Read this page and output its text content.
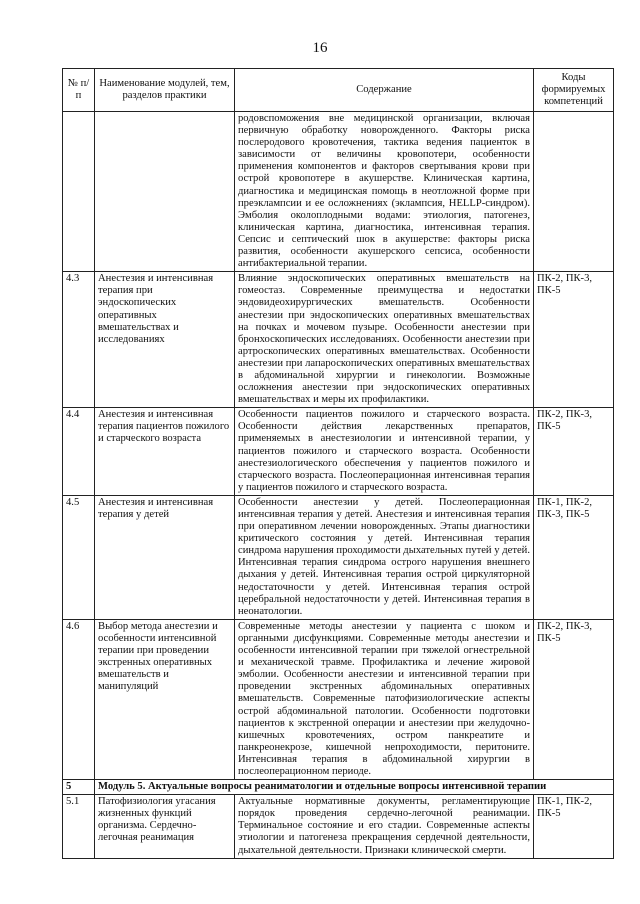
16
№ п/п	Наименование модулей, тем, разделов практики	Содержание	Коды формируемых компетенций
		родовспоможения вне медицинской организации, включая первичную обработку новорожденного. Факторы риска послеродового кровотечения, тактика ведения пациенток в зависимости от величины кровопотери, особенности применения компонентов и факторов свертывания крови при острой кровопотере в акушерстве. Клиническая картина, диагностика и медицинская помощь в неотложной форме при преэклампсии и ее осложнениях (эклампсия, HELLP-синдром). Эмболия околоплодными водами: этиология, патогенез, клиническая картина, диагностика, интенсивная терапия. Сепсис и септический шок в акушерстве: факторы риска развития, особенности акушерского сепсиса, особенности антибактериальной терапии.	
4.3	Анестезия и интенсивная терапия при эндоскопических оперативных вмешательствах и исследованиях	Влияние эндоскопических оперативных вмешательств на гомеостаз. Современные преимущества и недостатки эндовидеохирургических вмешательств. Особенности анестезии при эндоскопических оперативных вмешательствах на почках и мочевом пузыре. Особенности анестезии при бронхоскопических исследованиях. Особенности анестезии при артроскопических оперативных вмешательствах. Особенности анестезии при лапароскопических оперативных вмешательствах в абдоминальной хирургии и гинекологии. Возможные осложнения анестезии при эндоскопических оперативных вмешательствах и меры их профилактики.	ПК-2, ПК-3, ПК-5
4.4	Анестезия и интенсивная терапия пациентов пожилого и старческого возраста	Особенности пациентов пожилого и старческого возраста. Особенности действия лекарственных препаратов, применяемых в анестезиологии и интенсивной терапии, у пациентов пожилого и старческого возраста. Особенности анестезиологического обеспечения у пациентов пожилого и старческого возраста. Послеоперационная интенсивная терапия у пациентов пожилого и старческого возраста.	ПК-2, ПК-3, ПК-5
4.5	Анестезия и интенсивная терапия у детей	Особенности анестезии у детей. Послеоперационная интенсивная терапия у детей. Анестезия и интенсивная терапия при оперативном лечении новорожденных. Этапы диагностики критического состояния у детей. Интенсивная терапия синдрома нарушения проходимости дыхательных путей у детей. Интенсивная терапия синдрома острого нарушения внешнего дыхания у детей. Интенсивная терапия острой циркуляторной недостаточности у детей. Интенсивная терапия острой церебральной недостаточности у детей. Интенсивная терапия в неонатологии.	ПК-1, ПК-2, ПК-3, ПК-5
4.6	Выбор метода анестезии и особенности интенсивной терапии при проведении экстренных оперативных вмешательств и манипуляций	Современные методы анестезии у пациента с шоком и органными дисфункциями. Современные методы анестезии и особенности интенсивной терапии при тяжелой огнестрельной и механической травме. Профилактика и лечение жировой эмболии. Особенности анестезии и интенсивной терапии при проведении экстренных абдоминальных оперативных вмешательств. Современные патофизиологические аспекты острой абдоминальной патологии. Особенности подготовки пациентов к экстренной операции и анестезии при желудочно-кишечных кровотечениях, остром панкреатите и панкреонекрозе, кишечной непроходимости, перитоните. Интенсивная терапия в абдоминальной хирургии в послеоперационном периоде.	ПК-2, ПК-3, ПК-5
5	Модуль 5. Актуальные вопросы реаниматологии и отдельные вопросы интенсивной терапии		
5.1	Патофизиология угасания жизненных функций организма. Сердечно-легочная реанимация	Актуальные нормативные документы, регламентирующие порядок проведения сердечно-легочной реанимации. Терминальное состояние и его стадии. Современные аспекты этиологии и патогенеза прекращения сердечной деятельности, дыхательной деятельности. Признаки клинической смерти.	ПК-1, ПК-2, ПК-5
